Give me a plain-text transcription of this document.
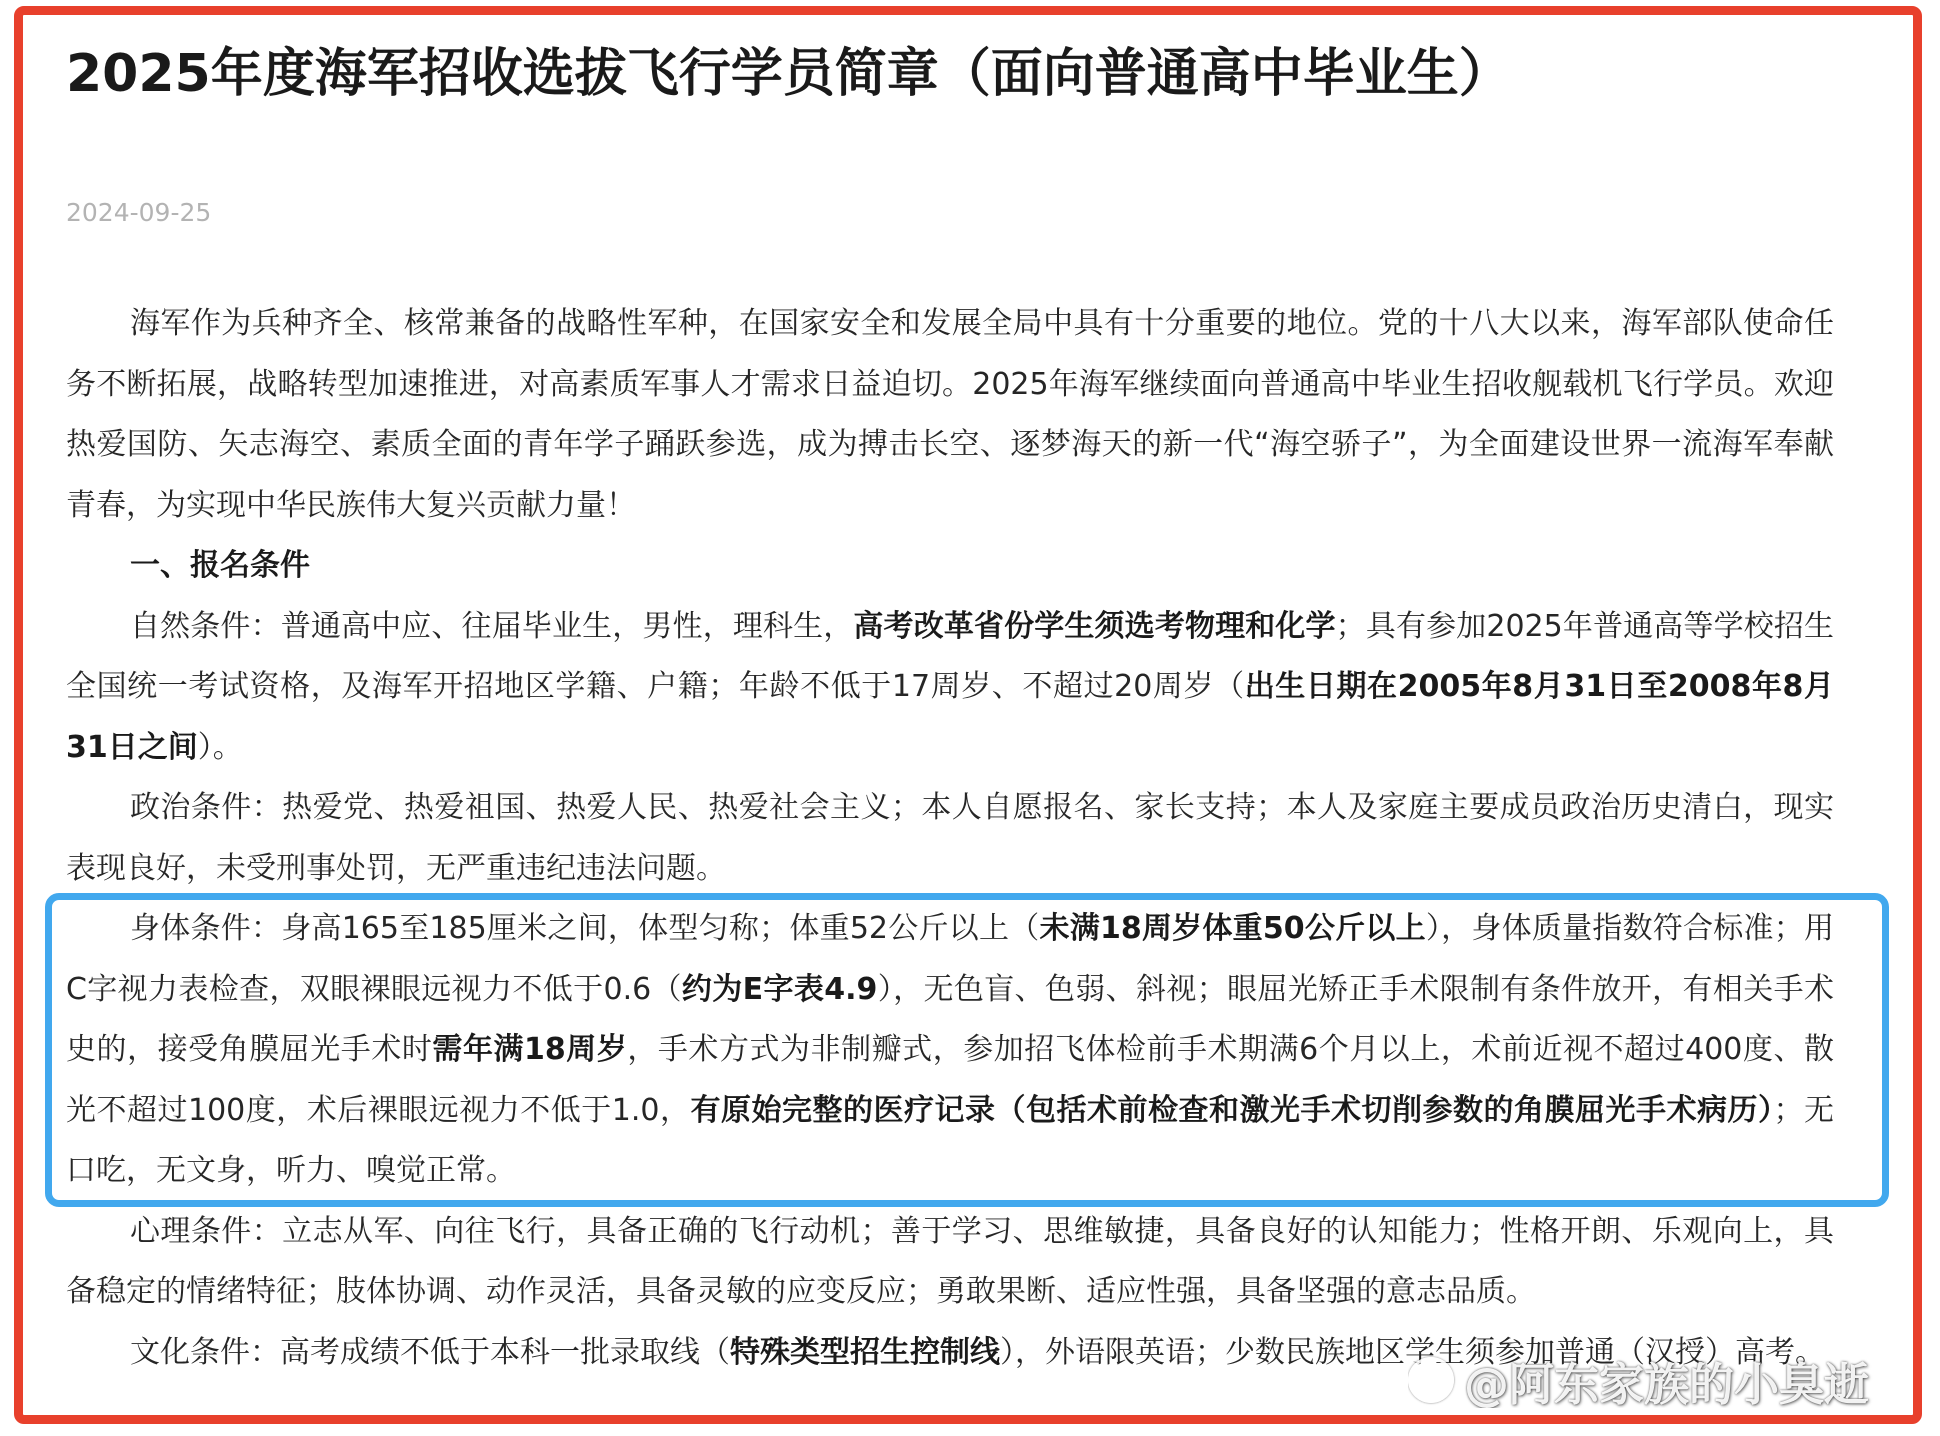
2025年度海军招收选拔飞行学员简章（面向普通高中毕业生）
2024-09-25

海军作为兵种齐全、核常兼备的战略性军种，在国家安全和发展全局中具有十分重要的地位。党的十八大以来，海军部队使命任务不断拓展，战略转型加速推进，对高素质军事人才需求日益迫切。2025年海军继续面向普通高中毕业生招收舰载机飞行学员。欢迎热爱国防、矢志海空、素质全面的青年学子踊跃参选，成为搏击长空、逐梦海天的新一代“海空骄子”，为全面建设世界一流海军奉献青春，为实现中华民族伟大复兴贡献力量！

一、报名条件

自然条件：普通高中应、往届毕业生，男性，理科生，高考改革省份学生须选考物理和化学；具有参加2025年普通高等学校招生全国统一考试资格，及海军开招地区学籍、户籍；年龄不低于17周岁、不超过20周岁（出生日期在2005年8月31日至2008年8月31日之间）。

政治条件：热爱党、热爱祖国、热爱人民、热爱社会主义；本人自愿报名、家长支持；本人及家庭主要成员政治历史清白，现实表现良好，未受刑事处罚，无严重违纪违法问题。

身体条件：身高165至185厘米之间，体型匀称；体重52公斤以上（未满18周岁体重50公斤以上），身体质量指数符合标准；用C字视力表检查，双眼裸眼远视力不低于0.6（约为E字表4.9），无色盲、色弱、斜视；眼屈光矫正手术限制有条件放开，有相关手术史的，接受角膜屈光手术时需年满18周岁，手术方式为非制瓣式，参加招飞体检前手术期满6个月以上，术前近视不超过400度、散光不超过100度，术后裸眼远视力不低于1.0，有原始完整的医疗记录（包括术前检查和激光手术切削参数的角膜屈光手术病历）；无口吃，无文身，听力、嗅觉正常。

心理条件：立志从军、向往飞行，具备正确的飞行动机；善于学习、思维敏捷，具备良好的认知能力；性格开朗、乐观向上，具备稳定的情绪特征；肢体协调、动作灵活，具备灵敏的应变反应；勇敢果断、适应性强，具备坚强的意志品质。

文化条件：高考成绩不低于本科一批录取线（特殊类型招生控制线），外语限英语；少数民族地区学生须参加普通（汉授）高考。

du @阿东家族的小臭逝
